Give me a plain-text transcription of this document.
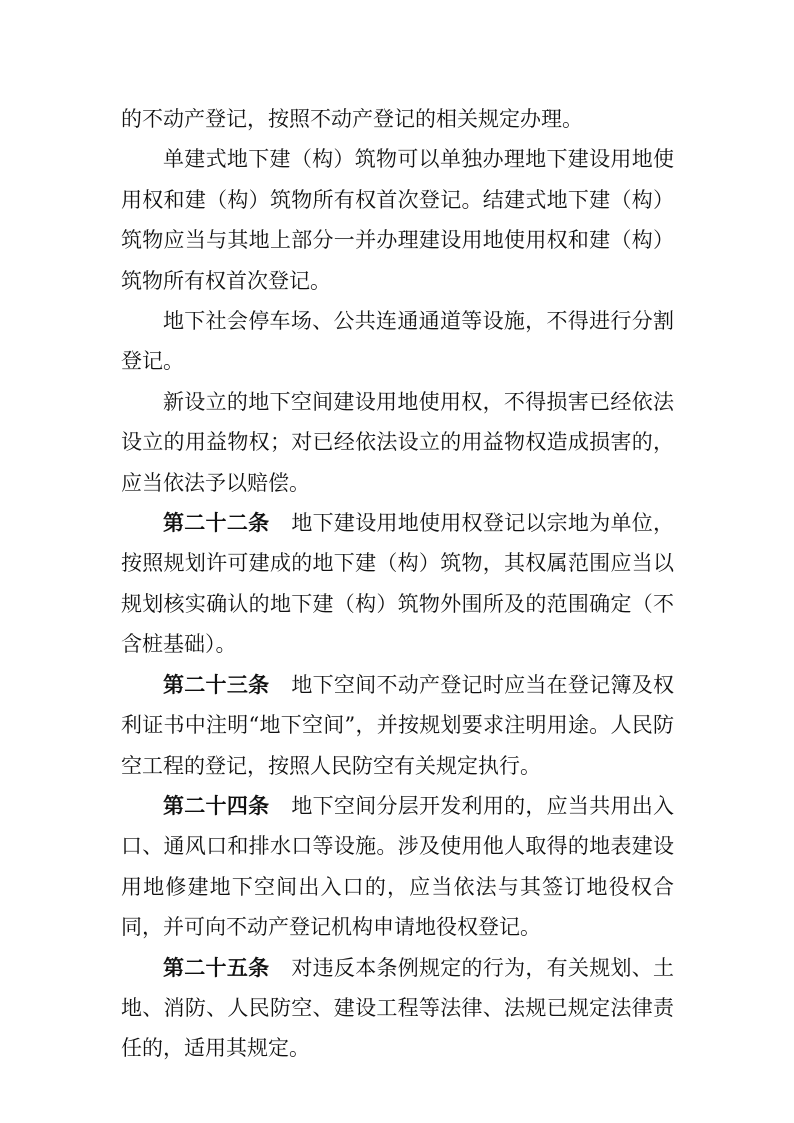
的不动产登记，按照不动产登记的相关规定办理。

单建式地下建（构）筑物可以单独办理地下建设用地使用权和建（构）筑物所有权首次登记。结建式地下建（构）筑物应当与其地上部分一并办理建设用地使用权和建（构）筑物所有权首次登记。

地下社会停车场、公共连通通道等设施，不得进行分割登记。

新设立的地下空间建设用地使用权，不得损害已经依法设立的用益物权；对已经依法设立的用益物权造成损害的，应当依法予以赔偿。

第二十二条 地下建设用地使用权登记以宗地为单位，按照规划许可建成的地下建（构）筑物，其权属范围应当以规划核实确认的地下建（构）筑物外围所及的范围确定（不含桩基础）。

第二十三条 地下空间不动产登记时应当在登记簿及权利证书中注明“地下空间”，并按规划要求注明用途。人民防空工程的登记，按照人民防空有关规定执行。

第二十四条 地下空间分层开发利用的，应当共用出入口、通风口和排水口等设施。涉及使用他人取得的地表建设用地修建地下空间出入口的，应当依法与其签订地役权合同，并可向不动产登记机构申请地役权登记。

第二十五条 对违反本条例规定的行为，有关规划、土地、消防、人民防空、建设工程等法律、法规已规定法律责任的，适用其规定。
